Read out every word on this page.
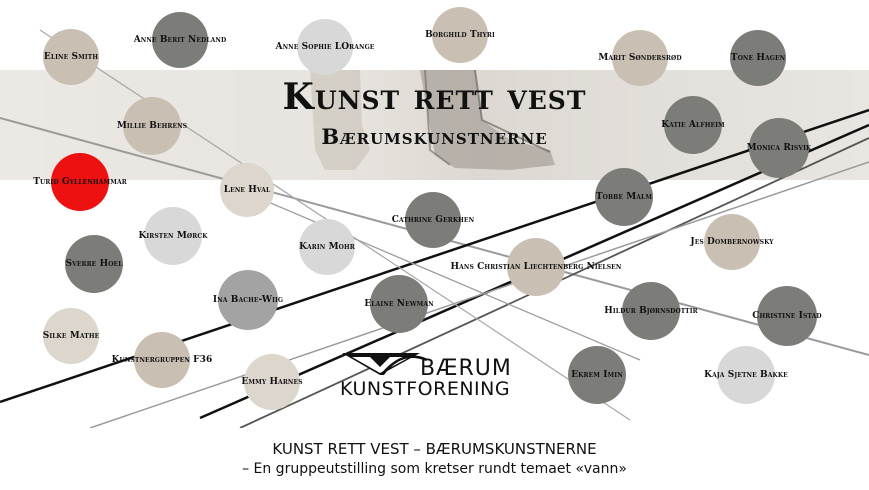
Eline Smith
Anne Berit Nedland
Anne Sophie LOrange
Borghild Thyri
Marit Søndersrød	Tone Hagen
Millie Behrens	Katie Alfheim
Monica Risvik
Turid Gyllenhammar
Lene Hval
Tobbe Malm
Cathrine Gerkhen
Kirsten Mørck
Jes Dombernowsky
Karin Mohr
Sverre Hoel	Hans Christian Liechtenberg Nielsen
Ina Bache-Wiig	Elaine Newman
Hildur Bjørnsdottir	Christine Istad
Silke Mathe
Kunstnergruppen F36
Emmy Harnes
Ekrem Imin	Kaja Sjetne Bakke
Kunst rett vest
Bærumskunstnerne
BÆRUM
KUNSTFORENING
KUNST RETT VEST – BÆRUMSKUNSTNERNE
– En gruppeutstilling som kretser rundt temaet «vann»
